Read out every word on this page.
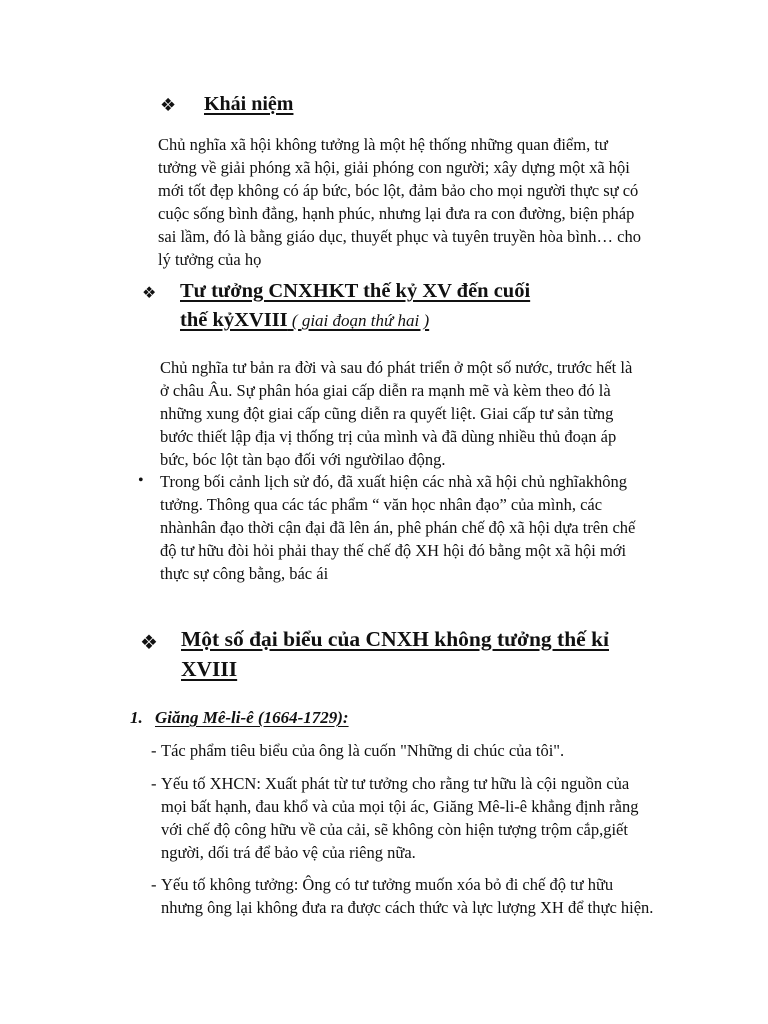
❖ Khái niệm
Chủ nghĩa xã hội không tưởng là một hệ thống những quan điểm, tư
tưởng về giải phóng xã hội, giải phóng con người; xây dựng một xã hội
mới tốt đẹp không có áp bức, bóc lột, đảm bảo cho mọi người thực sự có
cuộc sống bình đẳng, hạnh phúc, nhưng lại đưa ra con đường, biện pháp
sai lầm, đó là bằng giáo dục, thuyết phục và tuyên truyền hòa bình… cho
lý tưởng của họ
❖ Tư tưởng CNXHKT thế kỷ XV đến cuối
thế kỷXVIII ( giai đoạn thứ hai )
Chủ nghĩa tư bản ra đời và sau đó phát triển ở một số nước, trước hết là
ở châu Âu. Sự phân hóa giai cấp diễn ra mạnh mẽ và kèm theo đó là
những xung đột giai cấp cũng diễn ra quyết liệt. Giai cấp tư sản từng
bước thiết lập địa vị thống trị của mình và đã dùng nhiều thủ đoạn áp
bức, bóc lột tàn bạo đối với ngườilao động.
• Trong bối cảnh lịch sử đó, đã xuất hiện các nhà xã hội chủ nghĩakhông
tưởng. Thông qua các tác phẩm “ văn học nhân đạo” của mình, các
nhànhân đạo thời cận đại đã lên án, phê phán chế độ xã hội dựa trên chế
độ tư hữu đòi hỏi phải thay thế chế độ XH hội đó bằng một xã hội mới
thực sự công bằng, bác ái
❖ Một số đại biểu của CNXH không tưởng thế kỉ
XVIII
1. Giăng Mê-li-ê (1664-1729):
- Tác phẩm tiêu biểu của ông là cuốn "Những di chúc của tôi".
- Yếu tố XHCN: Xuất phát từ tư tưởng cho rằng tư hữu là cội nguồn của
mọi bất hạnh, đau khổ và của mọi tội ác, Giăng Mê-li-ê khẳng định rằng
với chế độ công hữu về của cải, sẽ không còn hiện tượng trộm cắp,giết
người, dối trá để bảo vệ của riêng nữa.
- Yếu tố không tưởng: Ông có tư tưởng muốn xóa bỏ đi chế độ tư hữu
nhưng ông lại không đưa ra được cách thức và lực lượng XH để thực hiện.
